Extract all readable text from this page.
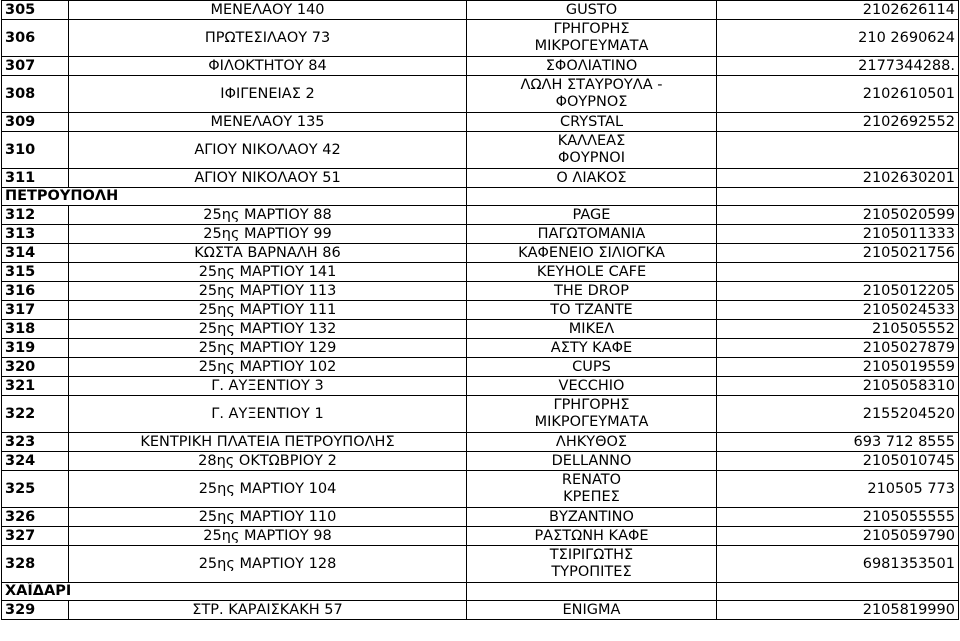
305	ΜΕΝΕΛΑΟΥ 140	GUSTO	2102626114
306	ΠΡΩΤΕΣΙΛΑΟΥ 73	ΓΡΗΓΟΡΗΣ
ΜΙΚΡΟΓΕΥΜΑΤΑ	210 2690624
307	ΦΙΛΟΚΤΗΤΟΥ 84	ΣΦΟΛΙΑΤΙΝΟ	2177344288.
308	ΙΦΙΓΕΝΕΙΑΣ 2	ΛΩΛΗ ΣΤΑΥΡΟΥΛΑ -
ΦΟΥΡΝΟΣ	2102610501
309	ΜΕΝΕΛΑΟΥ 135	CRYSTAL	2102692552
310	ΑΓΙΟΥ ΝΙΚΟΛΑΟΥ 42	ΚΑΛΛΕΑΣ
ΦΟΥΡΝΟΙ	

311	ΑΓΙΟΥ ΝΙΚΟΛΑΟΥ 51	Ο ΛΙΑΚΟΣ	2102630201
ΠΕΤΡΟΥΠΟΛΗ			
312	25ης ΜΑΡΤΙΟΥ 88	PAGE	2105020599
313	25ης ΜΑΡΤΙΟΥ 99	ΠΑΓΩΤΟΜΑΝΙΑ	2105011333
314	ΚΩΣΤΑ ΒΑΡΝΑΛΗ 86	ΚΑΦΕΝΕΙΟ ΣΙΛΙΟΓΚΑ	2105021756
315	25ης ΜΑΡΤΙΟΥ 141	KEYHOLE CAFE	

316	25ης ΜΑΡΤΙΟΥ 113	THE DROP	2105012205
317	25ης ΜΑΡΤΙΟΥ 111	ΤΟ ΤΖΑΝΤΕ	2105024533
318	25ης ΜΑΡΤΙΟΥ 132	ΜΙΚΕΛ	210505552
319	25ης ΜΑΡΤΙΟΥ 129	ΑΣΤΥ ΚΑΦΕ	2105027879
320	25ης ΜΑΡΤΙΟΥ 102	CUPS	2105019559
321	Γ. ΑΥΞΕΝΤΙΟΥ 3	VECCHIO	2105058310
322	Γ. ΑΥΞΕΝΤΙΟΥ 1	ΓΡΗΓΟΡΗΣ
ΜΙΚΡΟΓΕΥΜΑΤΑ	2155204520
323	ΚΕΝΤΡΙΚΗ ΠΛΑΤΕΙΑ ΠΕΤΡΟΥΠΟΛΗΣ	ΛΗΚΥΘΟΣ	693 712 8555
324	28ης ΟΚΤΩΒΡΙΟΥ 2	DELLANNO	2105010745
325	25ης ΜΑΡΤΙΟΥ 104	RENATO
ΚΡΕΠΕΣ	210505 773
326	25ης ΜΑΡΤΙΟΥ 110	ΒΥΖΑΝΤΙΝΟ	2105055555
327	25ης ΜΑΡΤΙΟΥ 98	ΡΑΣΤΩΝΗ ΚΑΦΕ	2105059790
328	25ης ΜΑΡΤΙΟΥ 128	ΤΣΙΡΙΓΩΤΗΣ
ΤΥΡΟΠΙΤΕΣ	6981353501
ΧΑΪΔΑΡΙ			
329	ΣΤΡ. ΚΑΡΑΙΣΚΑΚΗ 57	ENIGMA	2105819990
